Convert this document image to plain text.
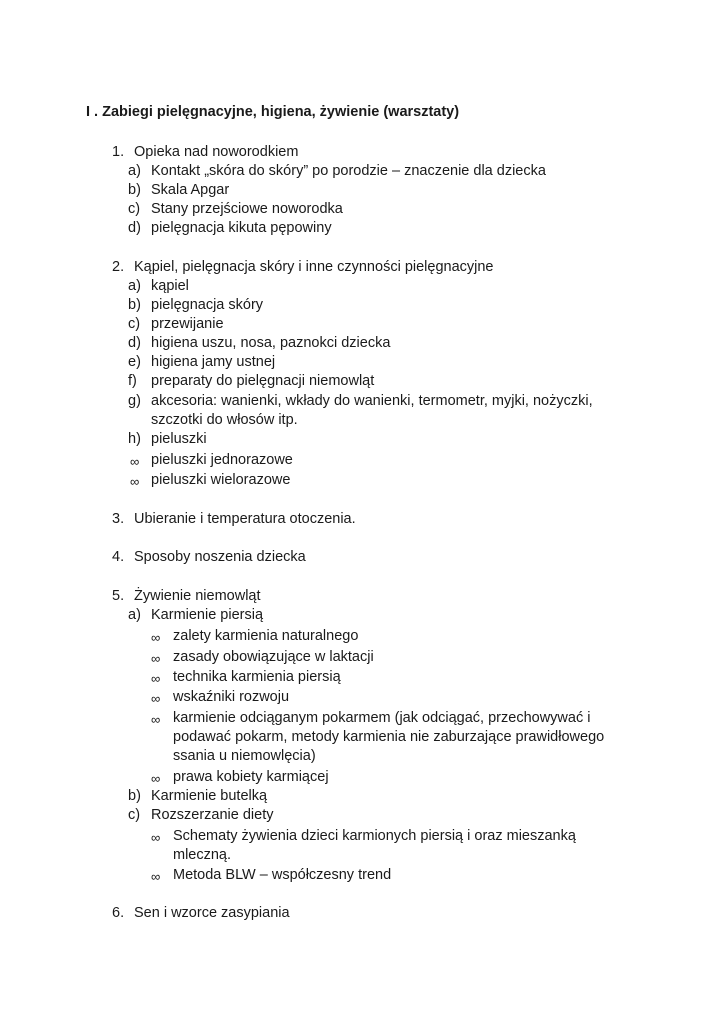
I . Zabiegi pielęgnacyjne, higiena, żywienie (warsztaty)
1. Opieka nad noworodkiem
a) Kontakt „skóra do skóry” po porodzie – znaczenie dla dziecka
b) Skala Apgar
c) Stany przejściowe noworodka
d) pielęgnacja kikuta pępowiny
2. Kąpiel, pielęgnacja skóry i inne czynności pielęgnacyjne
a) kąpiel
b) pielęgnacja skóry
c) przewijanie
d) higiena uszu, nosa, paznokci dziecka
e) higiena jamy ustnej
f) preparaty do pielęgnacji niemowląt
g) akcesoria: wanienki, wkłady do wanienki, termometr, myjki, nożyczki,
szczotki do włosów itp.
h) pieluszki
∞ pieluszki jednorazowe
∞ pieluszki wielorazowe
3. Ubieranie i temperatura otoczenia.
4. Sposoby noszenia dziecka
5. Żywienie niemowląt
a) Karmienie piersią
∞ zalety karmienia naturalnego
∞ zasady obowiązujące w laktacji
∞ technika karmienia piersią
∞ wskaźniki rozwoju
∞ karmienie odciąganym pokarmem (jak odciągać, przechowywać i
podawać pokarm, metody karmienia nie zaburzające prawidłowego
ssania u niemowlęcia)
∞ prawa kobiety karmiącej
b) Karmienie butelką
c) Rozszerzanie diety
∞ Schematy żywienia dzieci karmionych piersią i oraz mieszanką
mleczną.
∞ Metoda BLW – współczesny trend
6. Sen i wzorce zasypiania
